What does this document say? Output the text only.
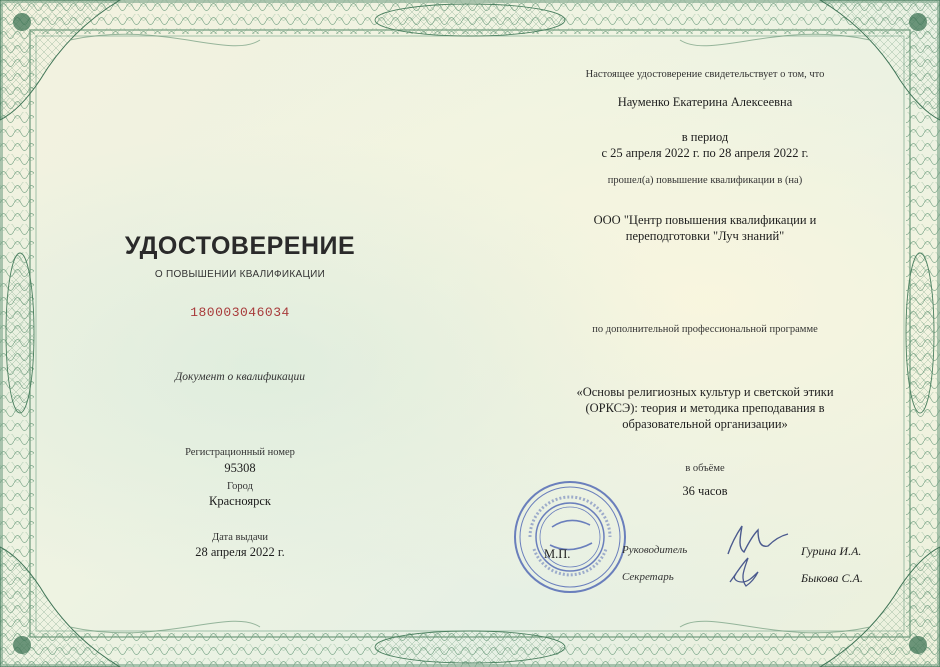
УДОСТОВЕРЕНИЕ
О ПОВЫШЕНИИ КВАЛИФИКАЦИИ
180003046034
Документ о квалификации
Регистрационный номер
95308
Город
Красноярск
Дата выдачи
28 апреля 2022 г.
Настоящее удостоверение свидетельствует о том, что
Науменко Екатерина Алексеевна
в период
с 25 апреля 2022 г. по 28 апреля 2022 г.
прошел(а) повышение квалификации в (на)
ООО "Центр повышения квалификации и
переподготовки "Луч знаний"
по дополнительной профессиональной программе
«Основы религиозных культур и светской этики
(ОРКСЭ): теория и методика преподавания в
образовательной организации»
в объёме
36 часов
М.П.	Руководитель	Гурина И.А.
Секретарь	Быкова С.А.
